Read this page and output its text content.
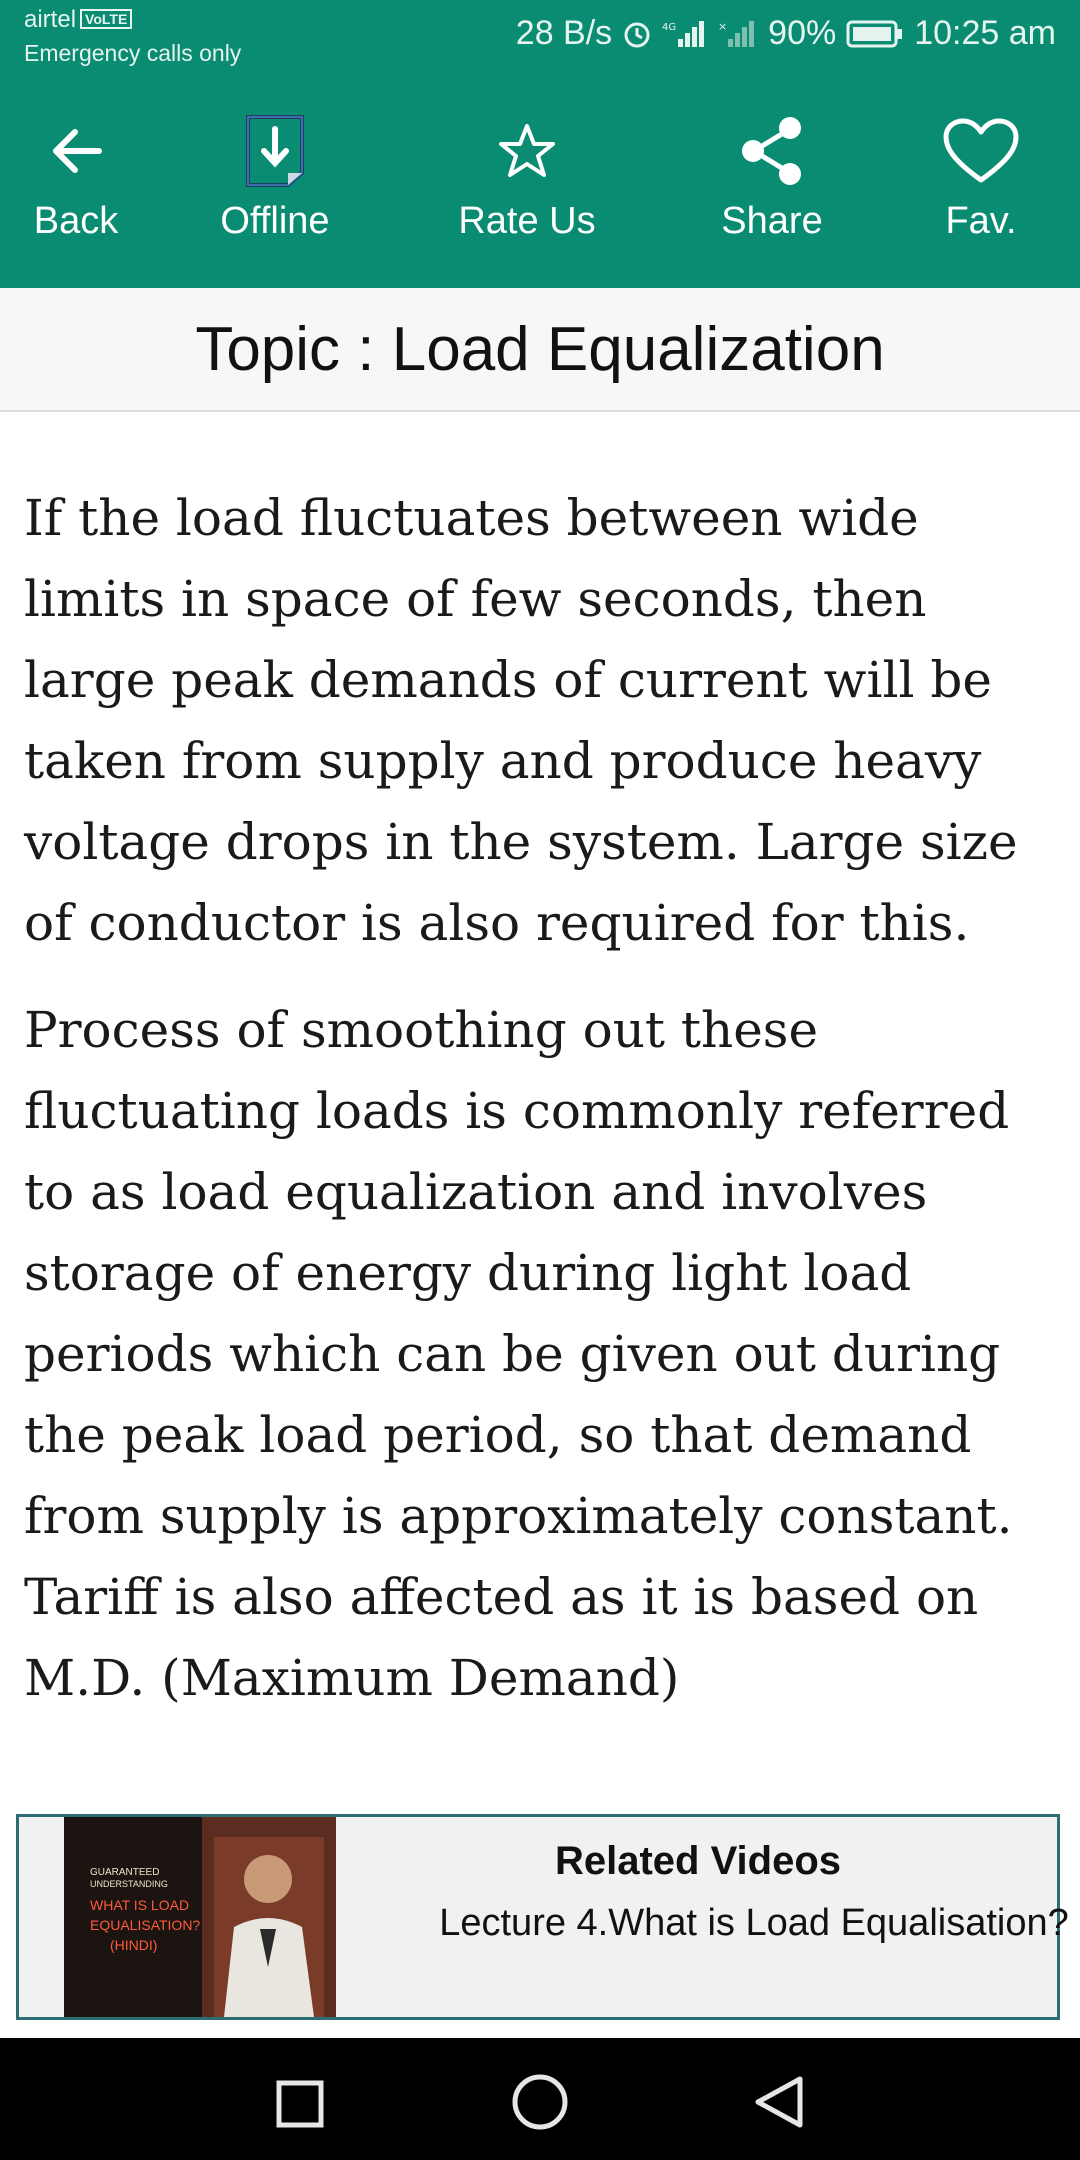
airtel VoLTE
Emergency calls only
28 B/s	4G	× 90% 10:25 am
Back	Offline	Rate Us	Share	Fav.
Topic : Load Equalization

If the load fluctuates between wide limits in space of few seconds, then large peak demands of current will be taken from supply and produce heavy voltage drops in the system. Large size of conductor is also required for this.

Process of smoothing out these fluctuating loads is commonly referred to as load equalization and involves storage of energy during light load periods which can be given out during the peak load period, so that demand from supply is approximately constant. Tariff is also affected as it is based on M.D. (Maximum Demand)

GUARANTEED
UNDERSTANDING
WHAT IS LOAD
EQUALISATION?
(HINDI)
Related Videos
Lecture 4.What is Load Equalisation?
